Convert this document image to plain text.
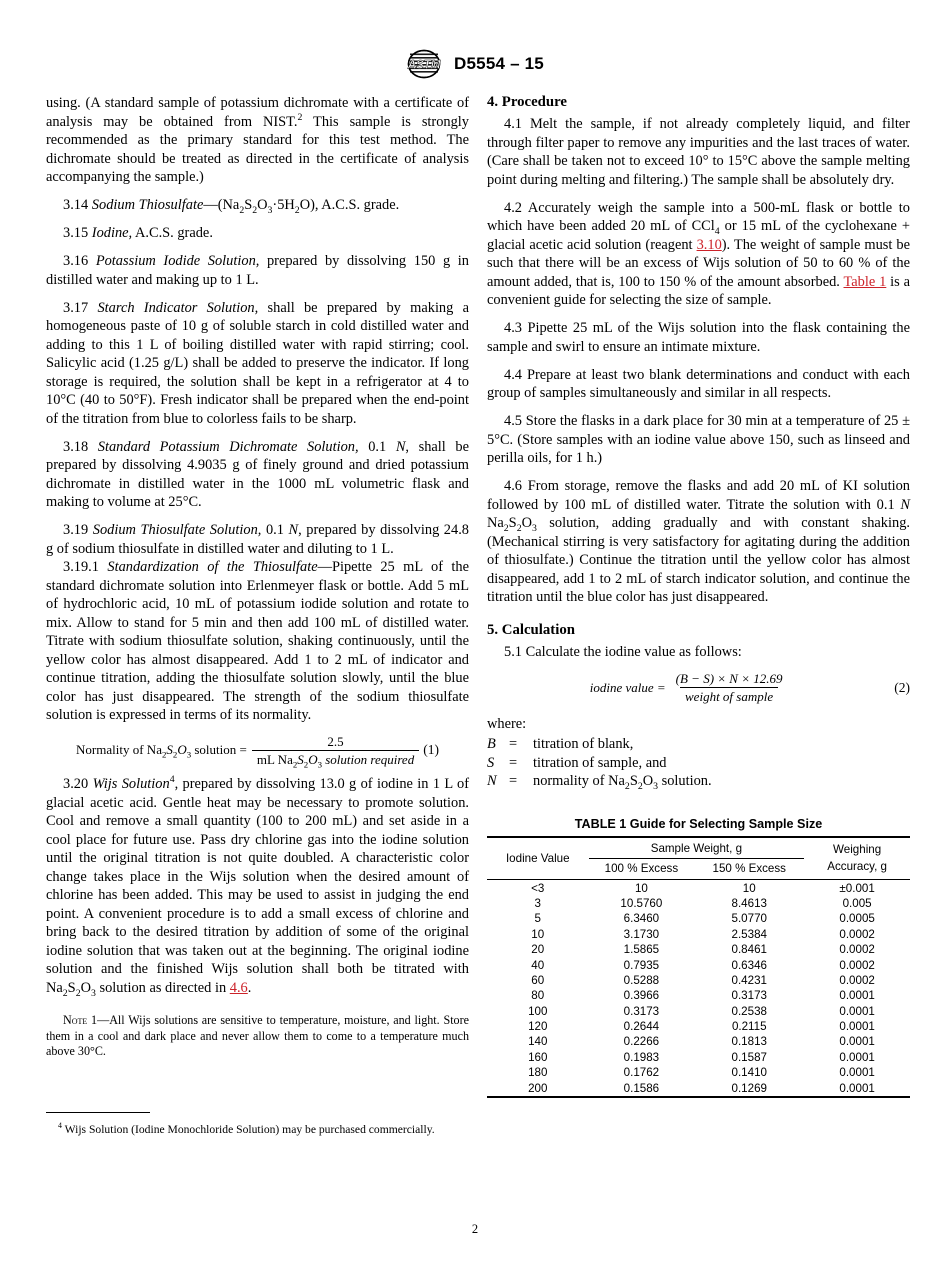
ASTM D5554 – 15

using. (A standard sample of potassium dichromate with a certificate of analysis may be obtained from NIST.$^2$ This sample is strongly recommended as the primary standard for this test method. The dichromate should be treated as directed in the certificate of analysis accompanying the sample.)

3.14 Sodium $Thiosulfate—(Na_2S_2O_3\cdot 5H_2O)$, A.C.S. grade.

3.15 Iodine, A.C.S. grade.

3.16 Potassium Iodide Solution, prepared by dissolving 150 g in distilled water and making up to 1 L.

3.17 Starch Indicator Solution, shall be prepared by making a homogeneous paste of 10 g of soluble starch in cold distilled water and adding to this 1 L of boiling distilled water with rapid stirring; cool. Salicylic acid (1.25 g/L) shall be added to preserve the indicator. If long storage is required, the solution shall be kept in a refrigerator at 4 to 10°C (40 to 50°F). Fresh indicator shall be prepared when the end-point of the titration from blue to colorless fails to be sharp.

3.18 Standard Potassium Dichromate Solution, 0.1 N, shall be prepared by dissolving 4.9035 g of finely ground and dried potassium dichromate in distilled water in the 1000 mL volumetric flask and making to volume at 25°C.

3.19 Sodium Thiosulfate Solution, 0.1 N, prepared by dissolving 24.8 g of sodium thiosulfate in distilled water and diluting to 1 L.

3.19.1 Standardization of the Thiosulfate—Pipette 25 mL of the standard dichromate solution into Erlenmeyer flask or bottle. Add 5 mL of hydrochloric acid, 10 mL of potassium iodide solution and rotate to mix. Allow to stand for 5 min and then add 100 mL of distilled water. Titrate with sodium thiosulfate solution, shaking continuously, until the yellow color has almost disappeared. Add 1 to 2 mL of indicator and continue titration, adding the thiosulfate solution slowly, until the blue color has just disappeared. The strength of the sodium thiosulfate solution is expressed in terms of its normality.

Normality of $Na_2S_2O_3$ solution = $\frac{2.5}{mL Na_2S_2O_3 solution required} (1)$

3.20 Wijs Solution$^4$, prepared by dissolving 13.0 g of iodine in 1 L of glacial acetic acid. Gentle heat may be necessary to promote solution. Cool and remove a small quantity (100 to 200 mL) and set aside in a cool place for future use. Pass dry chlorine gas into the iodine solution until the original titration is not quite doubled. A characteristic color change takes place in the Wijs solution when the desired amount of chlorine has been added. This may be used to assist in judging the end point. A convenient procedure is to add a small excess of chlorine and bring back to the desired titration by addition of some of the original iodine solution that was taken out at the beginning. The original iodine solution and the finished Wijs solution shall both be titrated with $Na_2S_2O_3$ solution as directed in 4.6.

Note 1—All Wijs solutions are sensitive to temperature, moisture, and light. Store them in a cool and dark place and never allow them to come to a temperature much above 30°C.

$^4$ Wijs Solution (Iodine Monochloride Solution) may be purchased commercially.

4. Procedure

4.1 Melt the sample, if not already completely liquid, and filter through filter paper to remove any impurities and the last traces of water. (Care shall be taken not to exceed 10° to 15°C above the sample melting point during melting and filtering.) The sample shall be absolutely dry.

4.2 Accurately weigh the sample into a 500-mL flask or bottle to which have been added 20 mL of CCl$_4$ or 15 mL of the cyclohexane + glacial acetic acid solution (reagent 3.10). The weight of sample must be such that there will be an excess of Wijs solution of 50 to 60 % of the amount added, that is, 100 to 150 % of the amount absorbed. Table 1 is a convenient guide for selecting the size of sample.

4.3 Pipette 25 mL of the Wijs solution into the flask containing the sample and swirl to ensure an intimate mixture.

4.4 Prepare at least two blank determinations and conduct with each group of samples simultaneously and similar in all respects.

4.5 Store the flasks in a dark place for 30 min at a temperature of 25 ± 5°C. (Store samples with an iodine value above 150, such as linseed and perilla oils, for 1 h.)

4.6 From storage, remove the flasks and add 20 mL of KI solution followed by 100 mL of distilled water. Titrate the solution with 0.1 N $Na_2S_2O_3$ solution, adding gradually and with constant shaking. (Mechanical stirring is very satisfactory for agitating during the addition of thiosulfate.) Continue the titration until the yellow color has almost disappeared, add 1 to 2 mL of starch indicator solution, and continue the titration until the blue color has just disappeared.

5. Calculation

5.1 Calculate the iodine value as follows:

iodine value = $\frac{(B - S) \times N \times 12.69}{\text{weight of sample}}$	(2)

where:

B =	titration of blank,
S	=	titration of sample, and
N =	normality of $Na_2S_2O_3$ solution.
TABLE 1 Guide for Selecting Sample Size

Iodine Value	Sample Weight, g		Weighing
Accuracy, g

	100 % Excess	150 % Excess	

<3	10	10	±0.001
3	10.5760	8.4613	0.005
5	6.3460	5.0770	0.0005
10	3.1730	2.5384	0.0002
20	1.5865	0.8461	0.0002
40	0.7935	0.6346	0.0002
60	0.5288	0.4231	0.0002
80	0.3966	0.3173	0.0001
100	0.3173	0.2538	0.0001
120	0.2644	0.2115	0.0001
140	0.2266	0.1813	0.0001
160	0.1983	0.1587	0.0001
180	0.1762	0.1410	0.0001
200	0.1586	0.1269	0.0001

2
